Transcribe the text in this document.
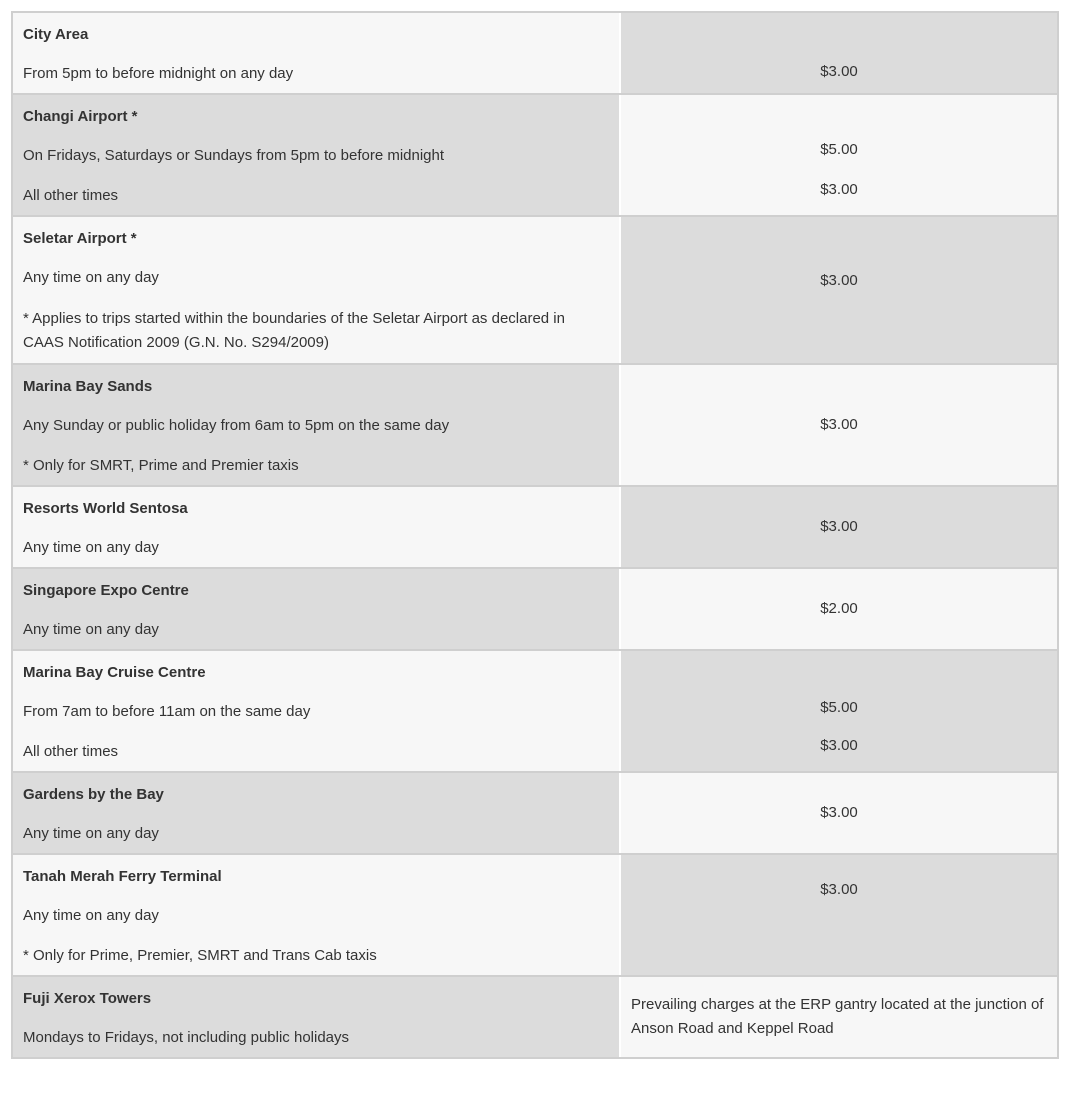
City Area
From 5pm to before midnight on any day	$3.00
Changi Airport *
On Fridays, Saturdays or Sundays from 5pm to before midnight
All other times
$5.00
$3.00
Seletar Airport *
Any time on any day
* Applies to trips started within the boundaries of the Seletar Airport as declared in CAAS Notification 2009 (G.N. No. S294/2009)
$3.00
Marina Bay Sands
Any Sunday or public holiday from 6am to 5pm on the same day
* Only for SMRT, Prime and Premier taxis
$3.00
Resorts World Sentosa
Any time on any day
$3.00
Singapore Expo Centre
Any time on any day
$2.00
Marina Bay Cruise Centre
From 7am to before 11am on the same day
All other times
$5.00
$3.00
Gardens by the Bay
Any time on any day
$3.00
Tanah Merah Ferry Terminal
Any time on any day
* Only for Prime, Premier, SMRT and Trans Cab taxis
$3.00
Fuji Xerox Towers
Mondays to Fridays, not including public holidays
Prevailing charges at the ERP gantry located at the junction of Anson Road and Keppel Road
